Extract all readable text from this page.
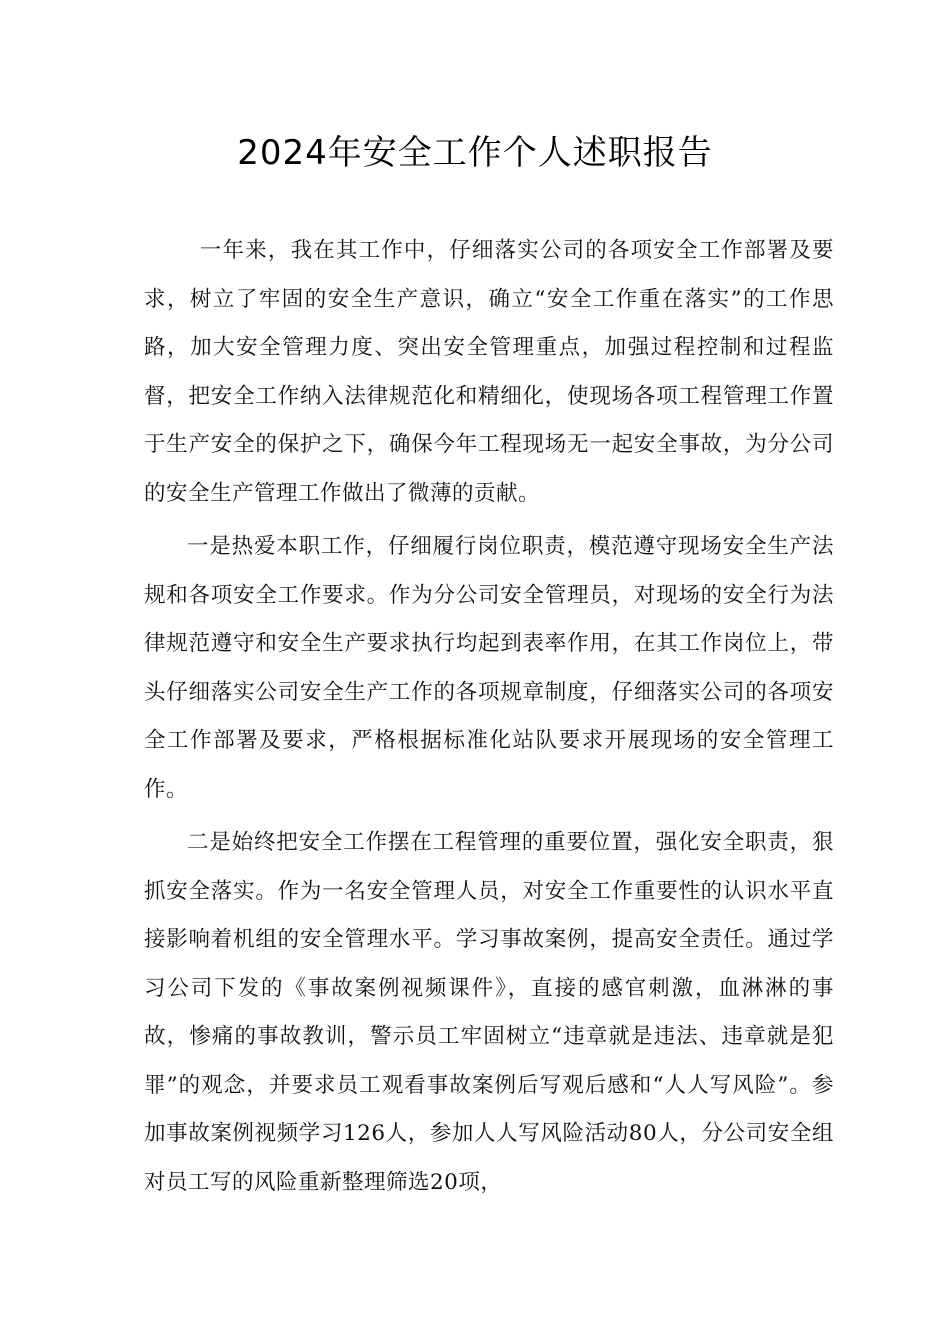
2024年安全工作个人述职报告

一年来，我在其工作中，仔细落实公司的各项安全工作部署及要求，树立了牢固的安全生产意识，确立“安全工作重在落实”的工作思路，加大安全管理力度、突出安全管理重点，加强过程控制和过程监督，把安全工作纳入法律规范化和精细化，使现场各项工程管理工作置于生产安全的保护之下，确保今年工程现场无一起安全事故，为分公司的安全生产管理工作做出了微薄的贡献。

一是热爱本职工作，仔细履行岗位职责，模范遵守现场安全生产法规和各项安全工作要求。作为分公司安全管理员，对现场的安全行为法律规范遵守和安全生产要求执行均起到表率作用，在其工作岗位上，带头仔细落实公司安全生产工作的各项规章制度，仔细落实公司的各项安全工作部署及要求，严格根据标准化站队要求开展现场的安全管理工作。

二是始终把安全工作摆在工程管理的重要位置，强化安全职责，狠抓安全落实。作为一名安全管理人员，对安全工作重要性的认识水平直接影响着机组的安全管理水平。学习事故案例，提高安全责任。通过学习公司下发的《事故案例视频课件》，直接的感官刺激，血淋淋的事故，惨痛的事故教训，警示员工牢固树立“违章就是违法、违章就是犯罪”的观念，并要求员工观看事故案例后写观后感和“人人写风险”。参加事故案例视频学习126人，参加人人写风险活动80人，分公司安全组对员工写的风险重新整理筛选20项，
